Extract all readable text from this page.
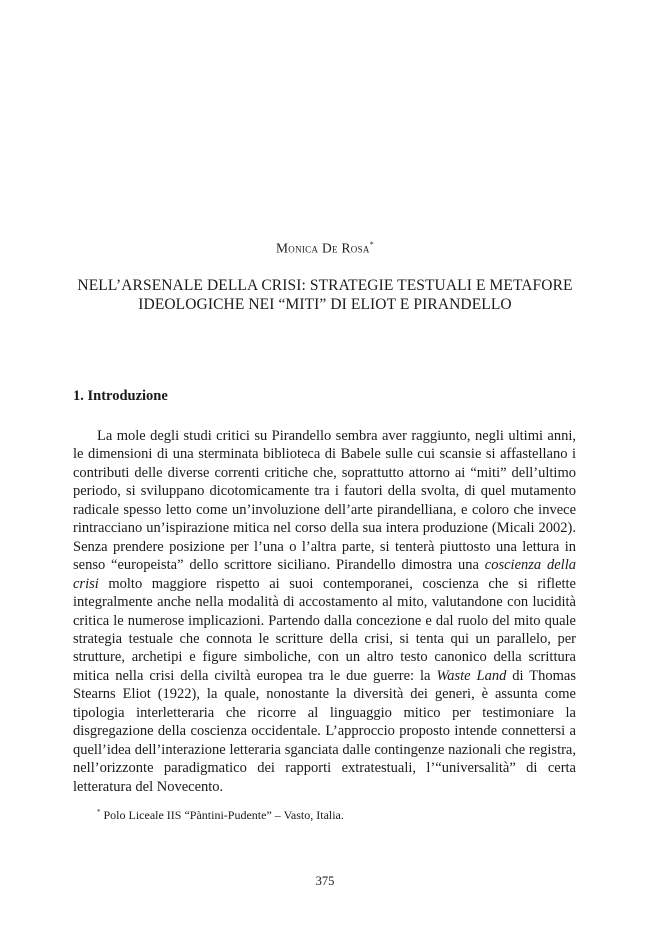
Monica De Rosa*
NELL’ARSENALE DELLA CRISI: STRATEGIE TESTUALI E METAFORE
IDEOLOGICHE NEI “MITI” DI ELIOT E PIRANDELLO
1. Introduzione

La mole degli studi critici su Pirandello sembra aver raggiunto, negli ultimi anni, le dimensioni di una sterminata biblioteca di Babele sulle cui scansie si affastellano i contributi delle diverse correnti critiche che, soprattutto attorno ai “miti” dell’ultimo periodo, si sviluppano dicotomicamente tra i fautori della svolta, di quel mutamento radicale spesso letto come un’involuzione dell’arte pirandelliana, e coloro che invece rintracciano un’ispirazione mitica nel corso della sua intera produzione (Micali 2002). Senza prendere posizione per l’una o l’altra parte, si tenterà piuttosto una lettura in senso “europeista” dello scrittore siciliano. Pirandello dimostra una coscienza della crisi molto maggiore rispetto ai suoi contemporanei, coscienza che si riflette integralmente anche nella modalità di accostamento al mito, valutandone con lucidità critica le numerose implicazioni. Partendo dalla concezione e dal ruolo del mito quale strategia testuale che connota le scritture della crisi, si tenta qui un parallelo, per strutture, archetipi e figure simboliche, con un altro testo canonico della scrittura mitica nella crisi della civiltà europea tra le due guerre: la Waste Land di Thomas Stearns Eliot (1922), la quale, nonostante la diversità dei generi, è assunta come tipologia interletteraria che ricorre al linguaggio mitico per testimoniare la disgregazione della coscienza occidentale. L’approccio proposto intende connettersi a quell’idea dell’interazione letteraria sganciata dalle contingenze nazionali che registra, nell’orizzonte paradigmatico dei rapporti extratestuali, l’“universalità” di certa letteratura del Novecento.

* Polo Liceale IIS “Pàntini-Pudente” – Vasto, Italia.

375
